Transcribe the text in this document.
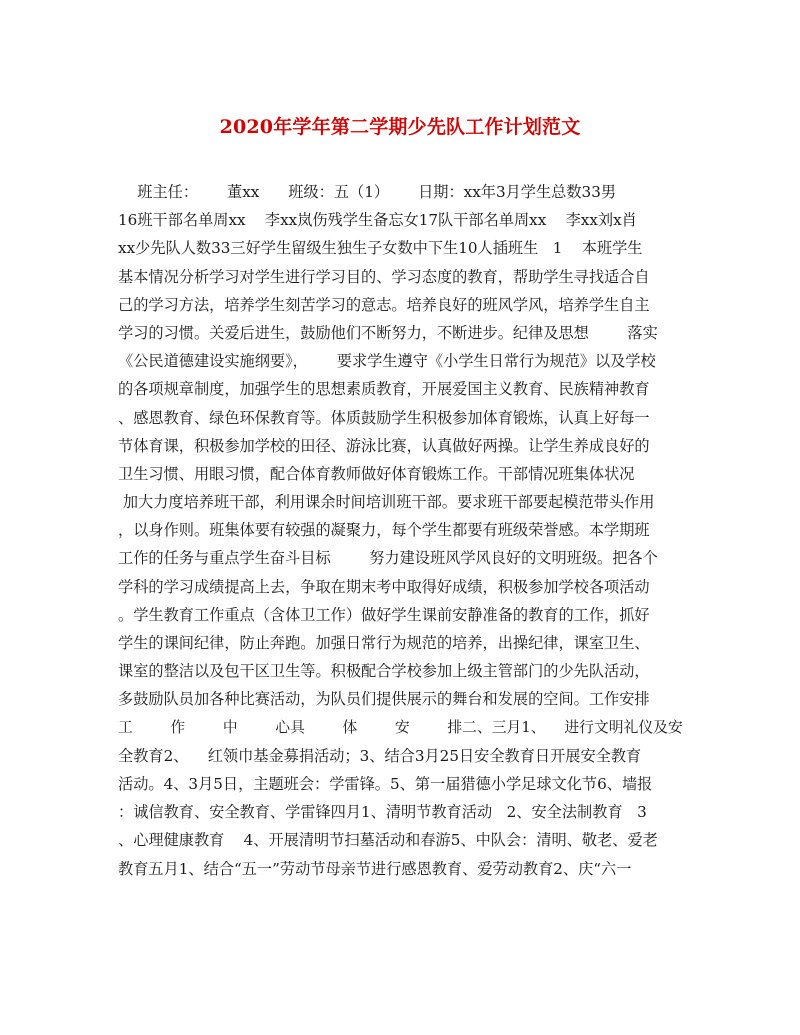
2020年学年第二学期少先队工作计划范文
班主任：      董xx      班级：五（1）      日期：xx年3月学生总数33男
16班干部名单周xx    李xx岚伤残学生备忘女17队干部名单周xx    李xx刘x肖
xx少先队人数33三好学生留级生独生子女数中下生10人插班生   1    本班学生
基本情况分析学习对学生进行学习目的、学习态度的教育，帮助学生寻找适合自
己的学习方法，培养学生刻苦学习的意志。培养良好的班风学风，培养学生自主
学习的习惯。关爱后进生，鼓励他们不断努力，不断进步。纪律及思想        落实
《公民道德建设实施纲要》，      要求学生遵守《小学生日常行为规范》以及学校
的各项规章制度，加强学生的思想素质教育，开展爱国主义教育、民族精神教育
、感恩教育、绿色环保教育等。体质鼓励学生积极参加体育锻炼，认真上好每一
节体育课，积极参加学校的田径、游泳比赛，认真做好两操。让学生养成良好的
卫生习惯、用眼习惯，配合体育教师做好体育锻炼工作。干部情况班集体状况
加大力度培养班干部，利用课余时间培训班干部。要求班干部要起模范带头作用
，以身作则。班集体要有较强的凝聚力，每个学生都要有班级荣誉感。本学期班
工作的任务与重点学生奋斗目标        努力建设班风学风良好的文明班级。把各个
学科的学习成绩提高上去，争取在期末考中取得好成绩，积极参加学校各项活动
。学生教育工作重点（含体卫工作）做好学生课前安静准备的教育的工作，抓好
学生的课间纪律，防止奔跑。加强日常行为规范的培养，出操纪律，课室卫生、
课室的整洁以及包干区卫生等。积极配合学校参加上级主管部门的少先队活动，
多鼓励队员加各种比赛活动，为队员们提供展示的舞台和发展的空间。工作安排
工        作        中        心具        体        安        排二、三月1、    进行文明礼仪及安
全教育2、    红领巾基金募捐活动；3、结合3月25日安全教育日开展安全教育
活动。4、3月5日，主题班会：学雷锋。5、第一届猎德小学足球文化节6、墙报
：诚信教育、安全教育、学雷锋四月1、清明节教育活动   2、安全法制教育   3
、心理健康教育    4、开展清明节扫墓活动和春游5、中队会：清明、敬老、爱老
教育五月1、结合“五一”劳动节母亲节进行感恩教育、爱劳动教育2、庆“六一
